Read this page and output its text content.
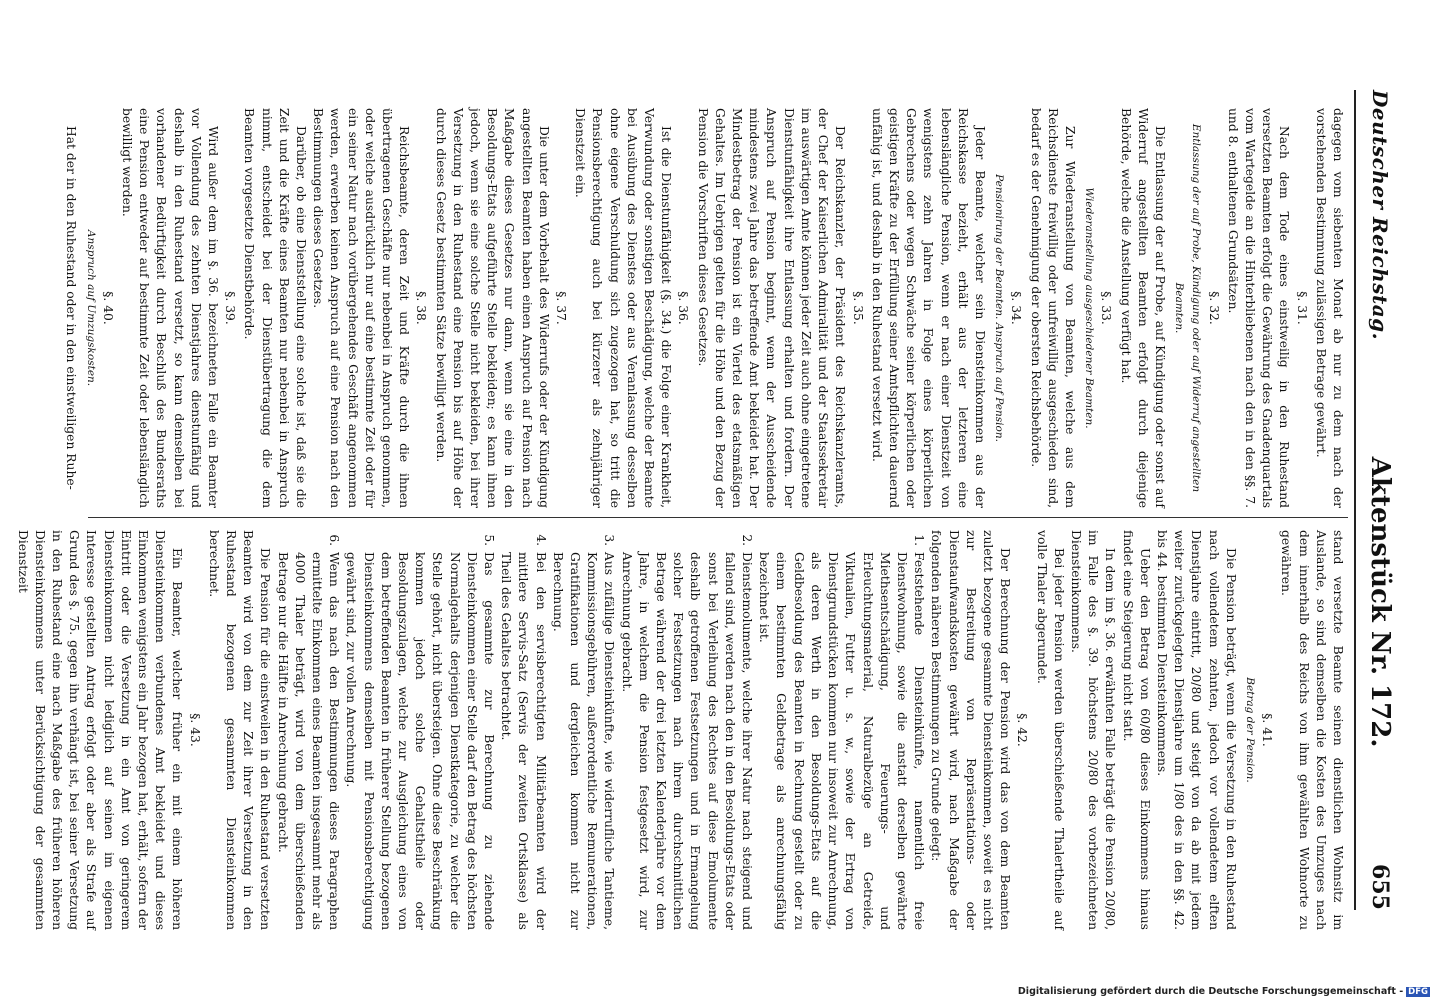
Deutscher Reichstag.
Aktenstück Nr. 172.
655

dagegen vom siebenten Monat ab nur zu dem nach der vorstehenden Bestimmung zulässigen Betrage gewährt.

§. 31.

Nach dem Tode eines einstweilig in den Ruhestand versetzten Beamten erfolgt die Gewährung des Gnadenquartals vom Wartegelde an die Hinterbliebenen nach den in den §§. 7. und 8. enthaltenen Grundsätzen.

§. 32.

Entlassung der auf Probe, Kündigung oder auf Widerruf angestellten Beamten.

Die Entlassung der auf Probe, auf Kündigung oder sonst auf Widerruf angestellten Beamten erfolgt durch diejenige Behörde, welche die Anstellung verfügt hat.

§. 33.

Wiederanstellung ausgeschiedener Beamten.

Zur Wiederanstellung von Beamten, welche aus dem Reichsdienste freiwillig oder unfreiwillig ausgeschieden sind, bedarf es der Genehmigung der obersten Reichsbehörde.

§. 34.

Pensionirung der Beamten. Anspruch auf Pension.

Jeder Beamte, welcher sein Diensteinkommen aus der Reichskasse bezieht, erhält aus der letzteren eine lebenslängliche Pension, wenn er nach einer Dienstzeit von wenigstens zehn Jahren in Folge eines körperlichen Gebrechens oder wegen Schwäche seiner körperlichen oder geistigen Kräfte zu der Erfüllung seiner Amtspflichten dauernd unfähig ist, und deshalb in den Ruhestand versetzt wird.

§. 35.

Der Reichskanzler, der Präsident des Reichskanzleramts, der Chef der Kaiserlichen Admiralität und der Staatssekretair im auswärtigen Amte können jeder Zeit auch ohne eingetretene Dienstunfähigkeit ihre Entlassung erhalten und fordern. Der Anspruch auf Pension beginnt, wenn der Ausscheidende mindestens zwei Jahre das betreffende Amt bekleidet hat. Der Mindestbetrag der Pension ist ein Viertel des etatsmäßigen Gehaltes. Im Uebrigen gelten für die Höhe und den Bezug der Pension die Vorschriften dieses Gesetzes.

§. 36.

Ist die Dienstunfähigkeit (§. 34.) die Folge einer Krankheit, Verwundung oder sonstigen Beschädigung, welche der Beamte bei Ausübung des Dienstes oder aus Veranlassung desselben ohne eigene Verschuldung sich zugezogen hat, so tritt die Pensionsberechtigung auch bei kürzerer als zehnjähriger Dienstzeit ein.

§. 37.

Die unter dem Vorbehalt des Widerrufs oder der Kündigung angestellten Beamten haben einen Anspruch auf Pension nach Maßgabe dieses Gesetzes nur dann, wenn sie eine in den Besoldungs-Etats aufgeführte Stelle bekleiden; es kann ihnen jedoch, wenn sie eine solche Stelle nicht bekleiden, bei ihrer Versetzung in den Ruhestand eine Pension bis auf Höhe der durch dieses Gesetz bestimmten Sätze bewilligt werden.

§. 38.

Reichsbeamte, deren Zeit und Kräfte durch die ihnen übertragenen Geschäfte nur nebenbei in Anspruch genommen, oder welche ausdrücklich nur auf eine bestimmte Zeit oder für ein seiner Natur nach vorübergehendes Geschäft angenommen werden, erwerben keinen Anspruch auf eine Pension nach den Bestimmungen dieses Gesetzes.

Darüber, ob eine Dienststellung eine solche ist, daß sie die Zeit und die Kräfte eines Beamten nur nebenbei in Anspruch nimmt, entscheidet bei der Dienstübertragung die dem Beamten vorgesetzte Dienstbehörde.

§. 39.

Wird außer dem im §. 36. bezeichneten Falle ein Beamter vor Vollendung des zehnten Dienstjahres dienstunfähig und deshalb in den Ruhestand versetzt, so kann demselben bei vorhandener Bedürftigkeit durch Beschluß des Bundesraths eine Pension entweder auf bestimmte Zeit oder lebenslänglich bewilligt werden.

§. 40.

Anspruch auf Umzugskosten.

Hat der in den Ruhestand oder in den einstweiligen Ruhe-

stand versetzte Beamte seinen dienstlichen Wohnsitz im Auslande, so sind demselben die Kosten des Umzuges nach dem innerhalb des Reichs von ihm gewählten Wohnorte zu gewähren.

§. 41.

Betrag der Pension.

Die Pension beträgt, wenn die Versetzung in den Ruhestand nach vollendetem zehnten, jedoch vor vollendetem elften Dienstjahre eintritt, 20/80 und steigt von da ab mit jedem weiter zurückgelegten Dienstjahre um 1/80 des in den §§. 42. bis 44. bestimmten Diensteinkommens.

Ueber den Betrag von 60/80 dieses Einkommens hinaus findet eine Steigerung nicht statt.

In dem im §. 36. erwähnten Falle beträgt die Pension 20/80, im Falle des §. 39. höchstens 20/80 des vorbezeichneten Diensteinkommens.

Bei jeder Pension werden überschießende Thalertheile auf volle Thaler abgerundet.

§. 42.

Der Berechnung der Pension wird das von dem Beamten zuletzt bezogene gesammte Diensteinkommen, soweit es nicht zur Bestreitung von Repräsentations- oder Dienstaufwandskosten gewährt wird, nach Maßgabe der folgenden näheren Bestimmungen zu Grunde gelegt:

1. Feststehende Diensteinkünfte, namentlich freie Dienstwohnung, sowie die anstatt derselben gewährte Miethsentschädigung, Feuerungs- und Erleuchtungsmaterial, Naturalbezüge an Getreide, Viktualien, Futter u. s. w., sowie der Ertrag von Dienstgrundstücken kommen nur insoweit zur Anrechnung, als deren Werth in den Besoldungs-Etats auf die Geldbesoldung des Beamten in Rechnung gestellt oder zu einem bestimmten Geldbetrage als anrechnungsfähig bezeichnet ist.
2. Dienstemolumente, welche ihrer Natur nach steigend und fallend sind, werden nach den in den Besoldungs-Etats oder sonst bei Verleihung des Rechtes auf diese Emolumente deshalb getroffenen Festsetzungen und in Ermangelung solcher Festsetzungen nach ihrem durchschnittlichen Betrage während der drei letzten Kalenderjahre vor dem Jahre, in welchem die Pension festgesetzt wird, zur Anrechnung gebracht.
3. Aus zufällige Diensteinkünfte, wie widerrufliche Tantieme, Kommissionsgebühren, außerordentliche Remunerationen, Gratifikationen und dergleichen kommen nicht zur Berechnung.
4. Bei den servisberechtigten Militärbeamten wird der mittlere Servis-Satz (Servis der zweiten Ortsklasse) als Theil des Gehaltes betrachtet.
5. Das gesammte zur Berechnung zu ziehende Diensteinkommen einer Stelle darf den Betrag des höchsten Normalgehalts derjenigen Dienstkategorie, zu welcher die Stelle gehört, nicht übersteigen. Ohne diese Beschränkung kommen jedoch solche Gehaltstheile oder Besoldungszulagen, welche zur Ausgleichung eines von dem betreffenden Beamten in früherer Stellung bezogenen Diensteinkommens demselben mit Pensionsberechtigung gewährt sind, zur vollen Anrechnung.
6. Wenn das nach den Bestimmungen dieses Paragraphen ermittelte Einkommen eines Beamten insgesammt mehr als 4000 Thaler beträgt, wird von dem überschießenden Betrage nur die Hälfte in Anrechnung gebracht.

Die Pension für die einstweilen in den Ruhestand versetzten Beamten wird von dem zur Zeit ihrer Versetzung in den Ruhestand bezogenen gesammten Diensteinkommen berechnet.

§. 43.

Ein Beamter, welcher früher ein mit einem höheren Diensteinkommen verbundenes Amt bekleidet und dieses Einkommen wenigstens ein Jahr bezogen hat, erhält, sofern der Eintritt oder die Versetzung in ein Amt von geringerem Diensteinkommen nicht lediglich auf seinen im eigenen Interesse gestellten Antrag erfolgt oder aber als Strafe auf Grund des §. 75. gegen ihn verhängt ist, bei seiner Versetzung in den Ruhestand eine nach Maßgabe des früheren höheren Diensteinkommens unter Berücksichtigung der gesammten Dienstzeit

Digitalisierung gefördert durch die Deutsche Forschungsgemeinschaft - DFG
